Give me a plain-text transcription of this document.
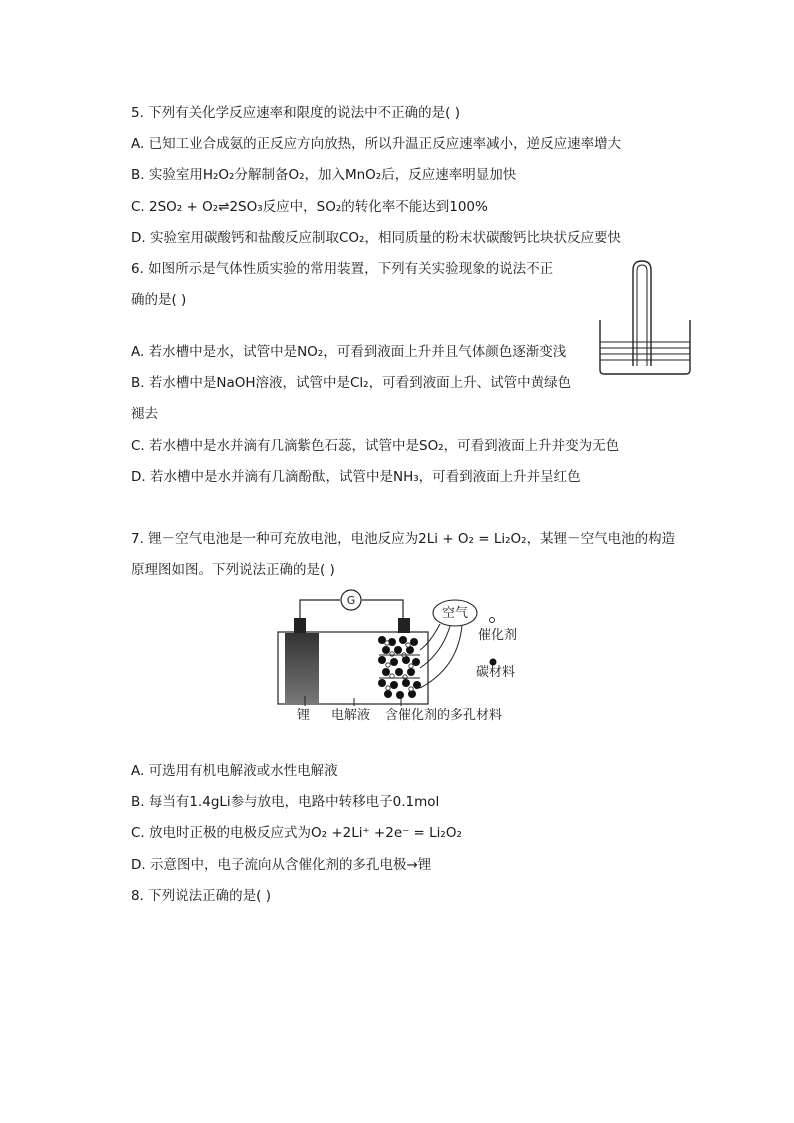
5. 下列有关化学反应速率和限度的说法中不正确的是( )
A. 已知工业合成氨的正反应方向放热，所以升温正反应速率减小，逆反应速率增大
B. 实验室用H₂O₂分解制备O₂，加入MnO₂后，反应速率明显加快
C. 2SO₂ + O₂⇌2SO₃反应中，SO₂的转化率不能达到100%
D. 实验室用碳酸钙和盐酸反应制取CO₂，相同质量的粉末状碳酸钙比块状反应要快
6. 如图所示是气体性质实验的常用装置，下列有关实验现象的说法不正
确的是( )
A. 若水槽中是水，试管中是NO₂，可看到液面上升并且气体颜色逐渐变浅
B. 若水槽中是NaOH溶液，试管中是Cl₂，可看到液面上升、试管中黄绿色
褪去
C. 若水槽中是水并滴有几滴紫色石蕊，试管中是SO₂，可看到液面上升并变为无色
D. 若水槽中是水并滴有几滴酚酞，试管中是NH₃，可看到液面上升并呈红色
7. 锂－空气电池是一种可充放电池，电池反应为2Li + O₂ = Li₂O₂，某锂－空气电池的构造
原理图如图。下列说法正确的是( )
G
空气
催化剂
碳材料
锂 电解液 含催化剂的多孔材料
A. 可选用有机电解液或水性电解液
B. 每当有1.4gLi参与放电，电路中转移电子0.1mol
C. 放电时正极的电极反应式为O₂ +2Li⁺ +2e⁻ = Li₂O₂
D. 示意图中，电子流向从含催化剂的多孔电极→锂
8. 下列说法正确的是( )
